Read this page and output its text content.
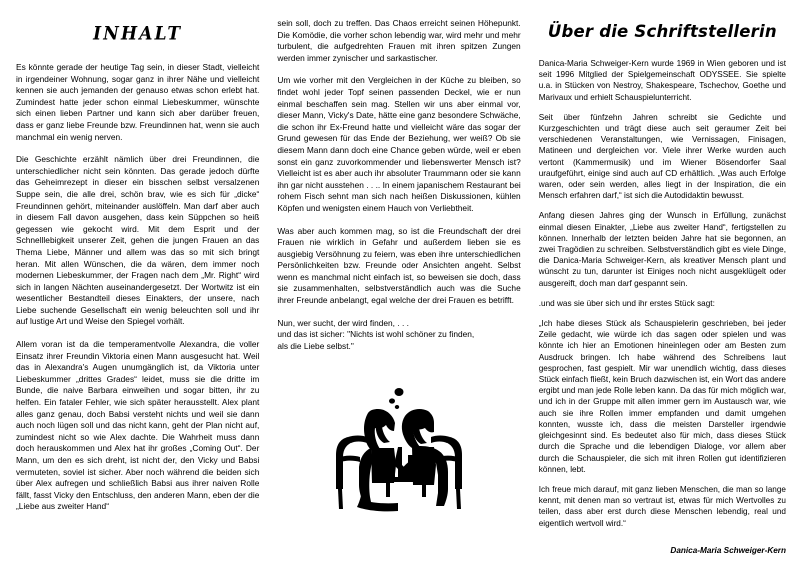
INHALT

Es könnte gerade der heutige Tag sein, in dieser Stadt, vielleicht in irgendeiner Wohnung, sogar ganz in ihrer Nähe und vielleicht kennen sie auch jemanden der genauso etwas schon erlebt hat. Zumindest hatte jeder schon einmal Liebeskummer, wünschte sich einen lieben Partner und kann sich aber darüber freuen, dass er ganz liebe Freunde bzw. Freundinnen hat, wenn sie auch manchmal ein wenig nerven.

Die Geschichte erzählt nämlich über drei Freundinnen, die unterschiedlicher nicht sein könnten. Das gerade jedoch dürfte das Geheimrezept in dieser ein bisschen selbst versalzenen Suppe sein, die alle drei, schön brav, wie es sich für „dicke“ Freundinnen gehört, miteinander auslöffeln. Man darf aber auch in diesem Fall davon ausgehen, dass kein Süppchen so heiß gegessen wie gekocht wird. Mit dem Esprit und der Schnelllebigkeit unserer Zeit, gehen die jungen Frauen an das Thema Liebe, Männer und allem was das so mit sich bringt heran. Mit allen Wünschen, die da wären, dem immer noch modernen Liebeskummer, der Fragen nach dem „Mr. Right“ wird sich in langen Nächten auseinandergesetzt. Der Wortwitz ist ein wesentlicher Bestandteil dieses Einakters, der unsere, nach Liebe suchende Gesellschaft ein wenig beleuchten soll und ihr auf lustige Art und Weise den Spiegel vorhält.

Allem voran ist da die temperamentvolle Alexandra, die voller Einsatz ihrer Freundin Viktoria einen Mann ausgesucht hat. Weil das in Alexandra's Augen unumgänglich ist, da Viktoria unter Liebeskummer „drittes Grades“ leidet, muss sie die dritte im Bunde, die naive Barbara einweihen und sogar bitten, ihr zu helfen. Ein fataler Fehler, wie sich später herausstellt. Alex plant alles ganz genau, doch Babsi versteht nichts und weil sie dann auch noch lügen soll und das nicht kann, geht der Plan nicht auf, zumindest nicht so wie Alex dachte. Die Wahrheit muss dann doch herauskommen und Alex hat ihr großes „Coming Out“. Der Mann, um den es sich dreht, ist nicht der, den Vicky und Babsi vermuteten, soviel ist sicher. Aber noch während die beiden sich über Alex aufregen und schließlich Babsi aus ihrer naiven Rolle fällt, fasst Vicky den Entschluss, den anderen Mann, eben der die „Liebe aus zweiter Hand“

sein soll, doch zu treffen. Das Chaos erreicht seinen Höhepunkt. Die Komödie, die vorher schon lebendig war, wird mehr und mehr turbulent, die aufgedrehten Frauen mit ihren spitzen Zungen werden immer zynischer und sarkastischer.

Um wie vorher mit den Vergleichen in der Küche zu bleiben, so findet wohl jeder Topf seinen passenden Deckel, wie er nun einmal beschaffen sein mag. Stellen wir uns aber einmal vor, dieser Mann, Vicky's Date, hätte eine ganz besondere Schwäche, die schon ihr Ex-Freund hatte und vielleicht wäre das sogar der Grund gewesen für das Ende der Beziehung, wer weiß? Ob sie diesem Mann dann doch eine Chance geben würde, weil er eben sonst ein ganz zuvorkommender und liebenswerter Mensch ist? Vielleicht ist es aber auch ihr absoluter Traummann oder sie kann ihn gar nicht ausstehen . . .. In einem japanischem Restaurant bei rohem Fisch sehnt man sich nach heißen Diskussionen, kühlen Köpfen und wenigsten einem Hauch von Verliebtheit.

Was aber auch kommen mag, so ist die Freundschaft der drei Frauen nie wirklich in Gefahr und außerdem lieben sie es ausgiebig Versöhnung zu feiern, was eben ihre unterschiedlichen Persönlichkeiten bzw. Freunde oder Ansichten angeht. Selbst wenn es manchmal nicht einfach ist, so beweisen sie doch, dass sie zusammenhalten, selbstverständlich auch was die Suche ihrer Freunde anbelangt, egal welche der drei Frauen es betrifft.

Nun, wer sucht, der wird finden, . . .

und das ist sicher: "Nichts ist wohl schöner zu finden,

als die Liebe selbst."

Über die Schriftstellerin

Danica-Maria Schweiger-Kern wurde 1969 in Wien geboren und ist seit 1996 Mitglied der Spielgemeinschaft ODYSSEE. Sie spielte u.a. in Stücken von Nestroy, Shakespeare, Tschechov, Goethe und Marivaux und erhielt Schauspielunterricht.

Seit über fünfzehn Jahren schreibt sie Gedichte und Kurzgeschichten und trägt diese auch seit geraumer Zeit bei verschiedenen Veranstaltungen, wie Vernissagen, Finisagen, Matineen und dergleichen vor. Viele ihrer Werke wurden auch vertont (Kammermusik) und im Wiener Bösendorfer Saal uraufgeführt, einige sind auch auf CD erhältlich. „Was auch Erfolge waren, oder sein werden, alles liegt in der Inspiration, die ein Mensch erfahren darf,“ ist sich die Autodidaktin bewusst.

Anfang diesen Jahres ging der Wunsch in Erfüllung, zunächst einmal diesen Einakter, „Liebe aus zweiter Hand“, fertigstellen zu können. Innerhalb der letzten beiden Jahre hat sie begonnen, an zwei Tragödien zu schreiben. Selbstverständlich gibt es viele Dinge, die Danica-Maria Schweiger-Kern, als kreativer Mensch plant und wünscht zu tun, darunter ist Einiges noch nicht ausgeklügelt oder ausgereift, doch man darf gespannt sein.

.und was sie über sich und ihr erstes Stück sagt:

„Ich habe dieses Stück als Schauspielerin geschrieben, bei jeder Zeile gedacht, wie würde ich das sagen oder spielen und was könnte ich hier an Emotionen hineinlegen oder am Besten zum Ausdruck bringen. Ich habe während des Schreibens laut gesprochen, fast gespielt. Mir war unendlich wichtig, dass dieses Stück einfach fließt, kein Bruch dazwischen ist, ein Wort das andere ergibt und man jede Rolle leben kann. Da das für mich möglich war, und ich in der Gruppe mit allen immer gern im Austausch war, wie auch sie ihre Rollen immer empfanden und damit umgehen konnten, wusste ich, dass die meisten Darsteller irgendwie gleichgesinnt sind. Es bedeutet also für mich, dass dieses Stück durch die Sprache und die lebendigen Dialoge, vor allem aber durch die Schauspieler, die sich mit ihren Rollen gut identifizieren können, lebt.

Ich freue mich darauf, mit ganz lieben Menschen, die man so lange kennt, mit denen man so vertraut ist, etwas für mich Wertvolles zu teilen, dass aber erst durch diese Menschen lebendig, real und eigentlich wertvoll wird.“

Danica-Maria Schweiger-Kern
